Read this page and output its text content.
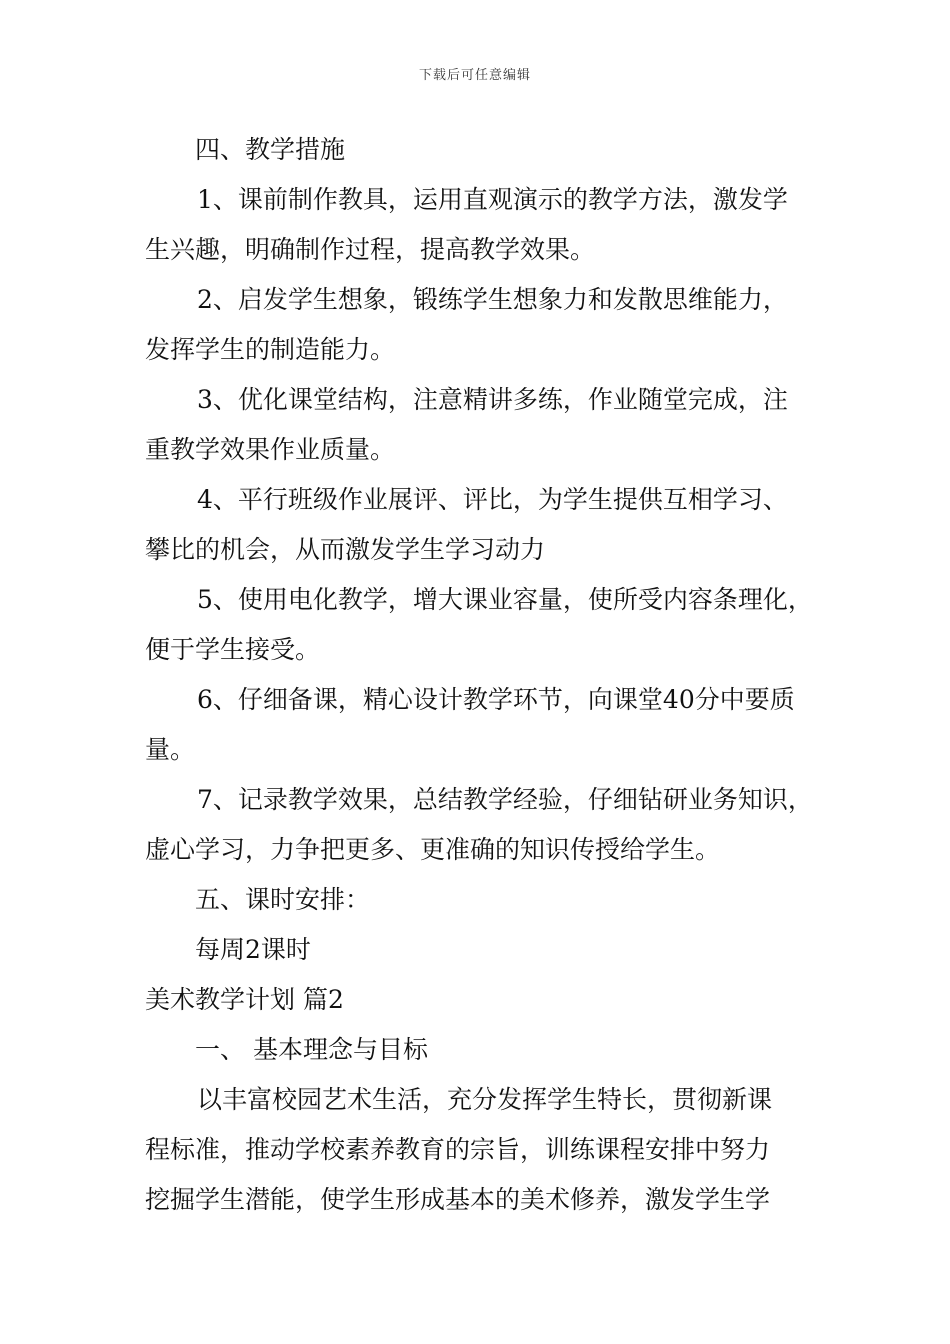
下载后可任意编辑
四、教学措施
1、课前制作教具，运用直观演示的教学方法，激发学
生兴趣，明确制作过程，提高教学效果。
2、启发学生想象，锻练学生想象力和发散思维能力，
发挥学生的制造能力。
3、优化课堂结构，注意精讲多练，作业随堂完成，注
重教学效果作业质量。
4、平行班级作业展评、评比，为学生提供互相学习、
攀比的机会，从而激发学生学习动力
5、使用电化教学，增大课业容量，使所受内容条理化，
便于学生接受。
6、仔细备课，精心设计教学环节，向课堂40分中要质
量。
7、记录教学效果，总结教学经验，仔细钻研业务知识，
虚心学习，力争把更多、更准确的知识传授给学生。
五、课时安排：
每周2课时
美术教学计划 篇2
一、 基本理念与目标
以丰富校园艺术生活，充分发挥学生特长，贯彻新课
程标准，推动学校素养教育的宗旨，训练课程安排中努力
挖掘学生潜能，使学生形成基本的美术修养，激发学生学
